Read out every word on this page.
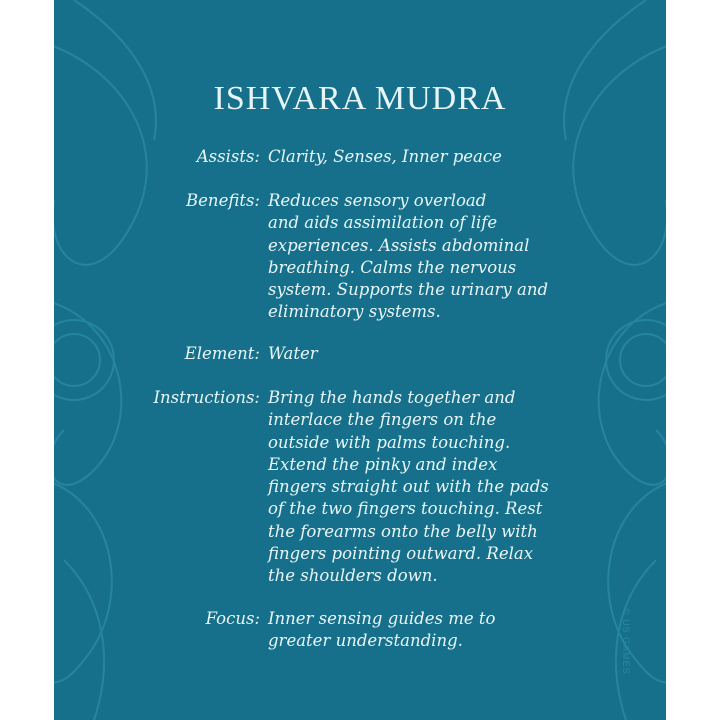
ISHVARA MUDRA
Assists: Clarity, Senses, Inner peace
Benefits: Reduces sensory overload
and aids assimilation of life
experiences. Assists abdominal
breathing. Calms the nervous
system. Supports the urinary and
eliminatory systems.
Element: Water
Instructions: Bring the hands together and
interlace the fingers on the
outside with palms touching.
Extend the pinky and index
fingers straight out with the pads
of the two fingers touching. Rest
the forearms onto the belly with
fingers pointing outward. Relax
the shoulders down.
Focus: Inner sensing guides me to
greater understanding.	© US GAMES
